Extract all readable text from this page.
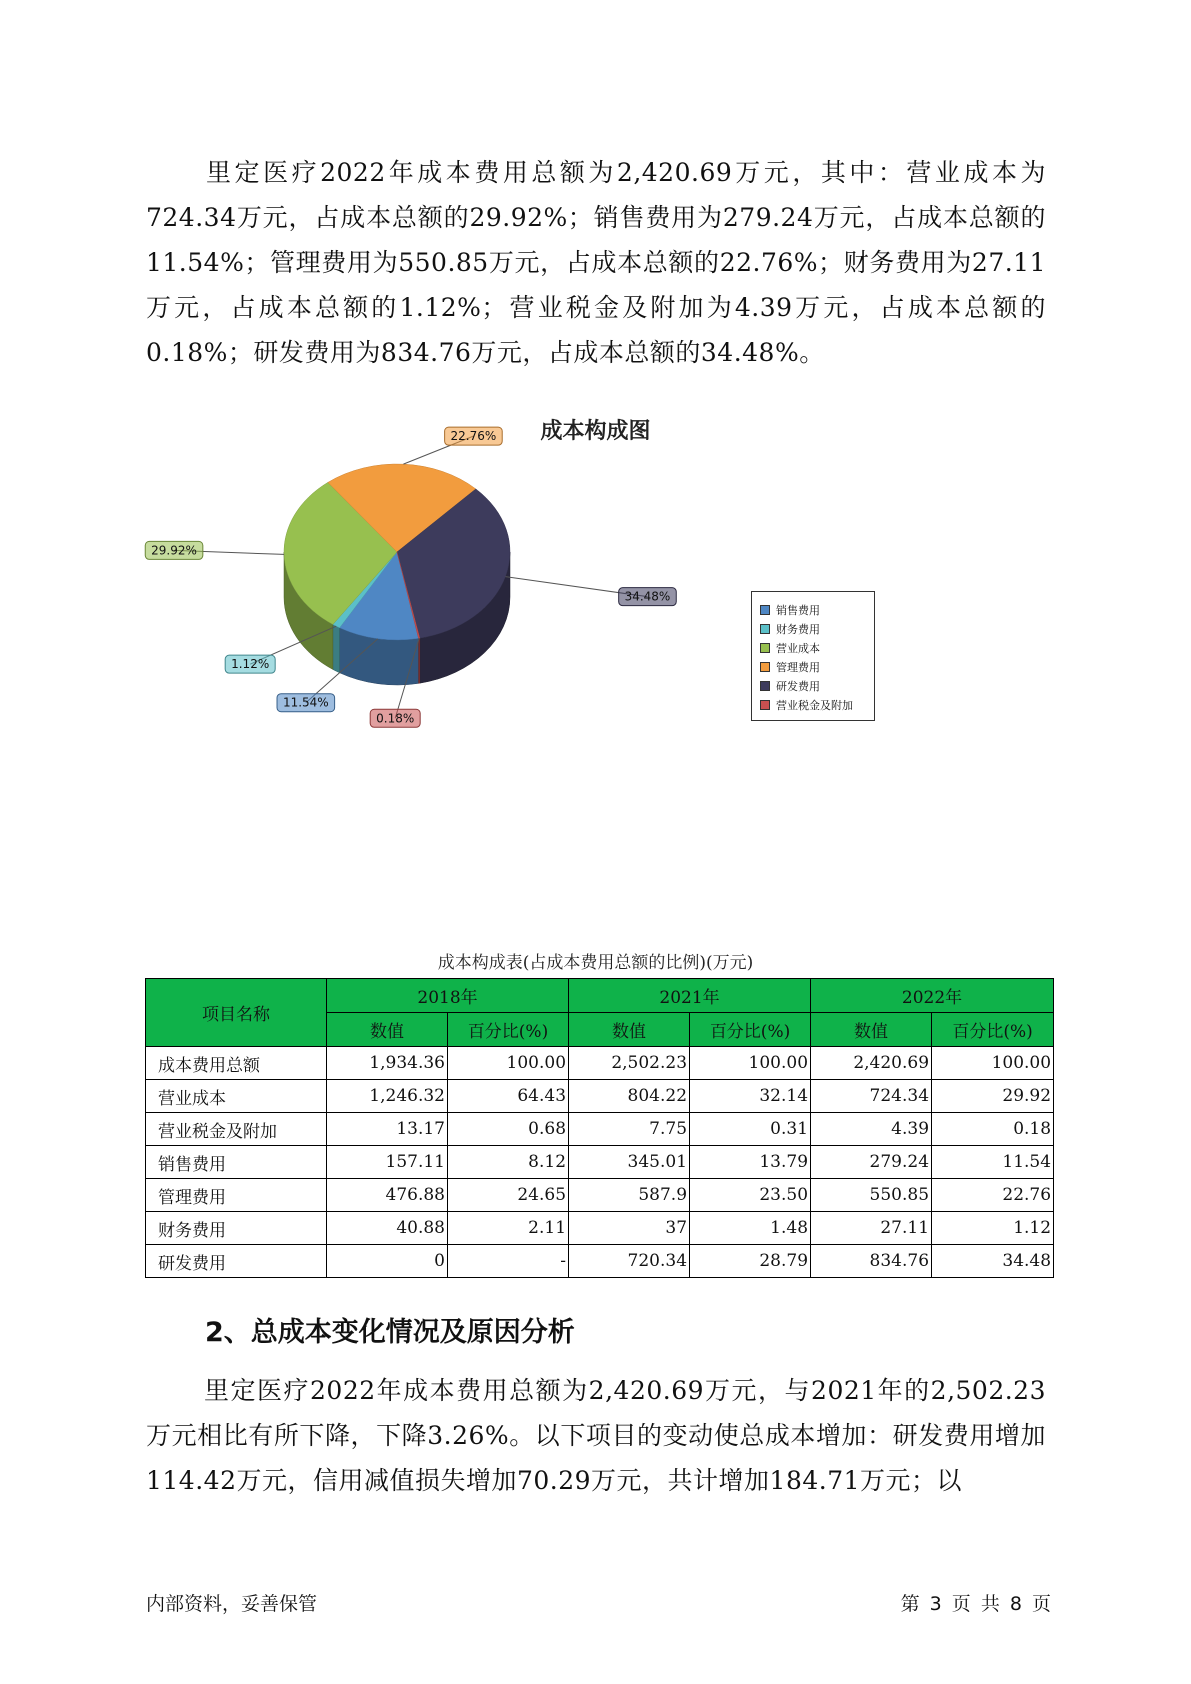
里定医疗2022年成本费用总额为2,420.69万元，其中：营业成本为724.34万元，占成本总额的29.92%；销售费用为279.24万元，占成本总额的11.54%；管理费用为550.85万元，占成本总额的22.76%；财务费用为27.11万元，占成本总额的1.12%；营业税金及附加为4.39万元，占成本总额的0.18%；研发费用为834.76万元，占成本总额的34.48%。

成本构成图
11.54%
1.12%
29.92%
22.76%
34.48%
0.18%
销售费用
财务费用
营业成本
管理费用
研发费用
营业税金及附加
成本构成表(占成本费用总额的比例)(万元)
项目名称	2018年		2021年		2022年	
	数值	百分比(%)	数值	百分比(%)	数值	百分比(%)
成本费用总额	1,934.36	100.00	2,502.23	100.00	2,420.69	100.00
营业成本	1,246.32	64.43	804.22	32.14	724.34	29.92
营业税金及附加	13.17	0.68	7.75	0.31	4.39	0.18
销售费用	157.11	8.12	345.01	13.79	279.24	11.54
管理费用	476.88	24.65	587.9	23.50	550.85	22.76
财务费用	40.88	2.11	37	1.48	27.11	1.12
研发费用	0	-	720.34	28.79	834.76	34.48
2、总成本变化情况及原因分析

里定医疗2022年成本费用总额为2,420.69万元，与2021年的2,502.23万元相比有所下降，下降3.26%。以下项目的变动使总成本增加：研发费用增加114.42万元，信用减值损失增加70.29万元，共计增加184.71万元；以

内部资料，妥善保管	第 3 页 共 8 页
